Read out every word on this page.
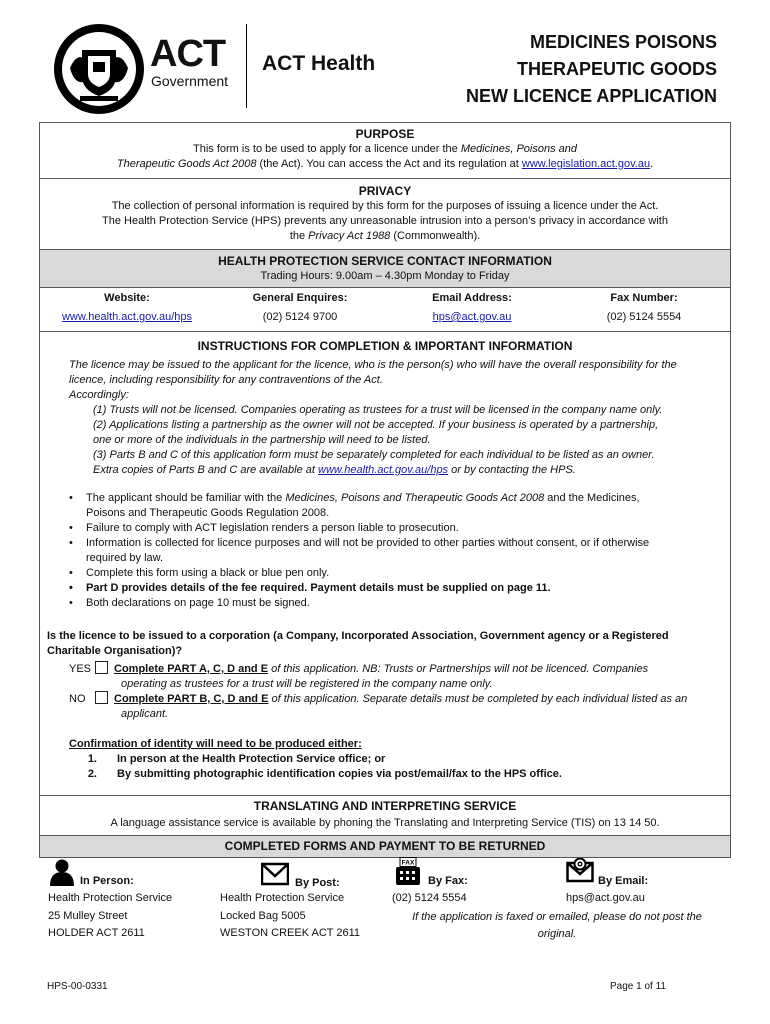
ACT
Government
ACT Health
MEDICINES POISONS
THERAPEUTIC GOODS
NEW LICENCE APPLICATION
PURPOSE
This form is to be used to apply for a licence under the Medicines, Poisons and
Therapeutic Goods Act 2008 (the Act). You can access the Act and its regulation at www.legislation.act.gov.au.
PRIVACY
The collection of personal information is required by this form for the purposes of issuing a licence under the Act.
The Health Protection Service (HPS) prevents any unreasonable intrusion into a person’s privacy in accordance with
the Privacy Act 1988 (Commonwealth).
HEALTH PROTECTION SERVICE CONTACT INFORMATION
Trading Hours: 9.00am – 4.30pm Monday to Friday
Website:
www.health.act.gov.au/hps
General Enquires:
(02) 5124 9700
Email Address:
hps@act.gov.au
Fax Number:
(02) 5124 5554
INSTRUCTIONS FOR COMPLETION & IMPORTANT INFORMATION
The licence may be issued to the applicant for the licence, who is the person(s) who will have the overall responsibility for the
licence, including responsibility for any contraventions of the Act.
Accordingly:
(1) Trusts will not be licensed. Companies operating as trustees for a trust will be licensed in the company name only.
(2) Applications listing a partnership as the owner will not be accepted. If your business is operated by a partnership,
one or more of the individuals in the partnership will need to be listed.
(3) Parts B and C of this application form must be separately completed for each individual to be listed as an owner.
Extra copies of Parts B and C are available at www.health.act.gov.au/hps or by contacting the HPS.
• The applicant should be familiar with the Medicines, Poisons and Therapeutic Goods Act 2008 and the Medicines,
Poisons and Therapeutic Goods Regulation 2008.
• Failure to comply with ACT legislation renders a person liable to prosecution.
• Information is collected for licence purposes and will not be provided to other parties without consent, or if otherwise
required by law.
• Complete this form using a black or blue pen only.
• Part D provides details of the fee required. Payment details must be supplied on page 11.
• Both declarations on page 10 must be signed.
Is the licence to be issued to a corporation (a Company, Incorporated Association, Government agency or a Registered
Charitable Organisation)?
YES Complete PART A, C, D and E of this application. NB: Trusts or Partnerships will not be licenced. Companies
operating as trustees for a trust will be registered in the company name only.
NO	Complete PART B, C, D and E of this application. Separate details must be completed by each individual listed as an
applicant.
Confirmation of identity will need to be produced either:
1. In person at the Health Protection Service office; or
2. By submitting photographic identification copies via post/email/fax to the HPS office.
TRANSLATING AND INTERPRETING SERVICE
A language assistance service is available by phoning the Translating and Interpreting Service (TIS) on 13 14 50.
COMPLETED FORMS AND PAYMENT TO BE RETURNED
In Person:
Health Protection Service
25 Mulley Street
HOLDER ACT 2611
By Post:
Health Protection Service
Locked Bag 5005
WESTON CREEK ACT 2611
FAX
By Fax:
(02) 5124 5554
By Email:
hps@act.gov.au
If the application is faxed or emailed, please do not post the
original.
HPS-00-0331	Page 1 of 11
